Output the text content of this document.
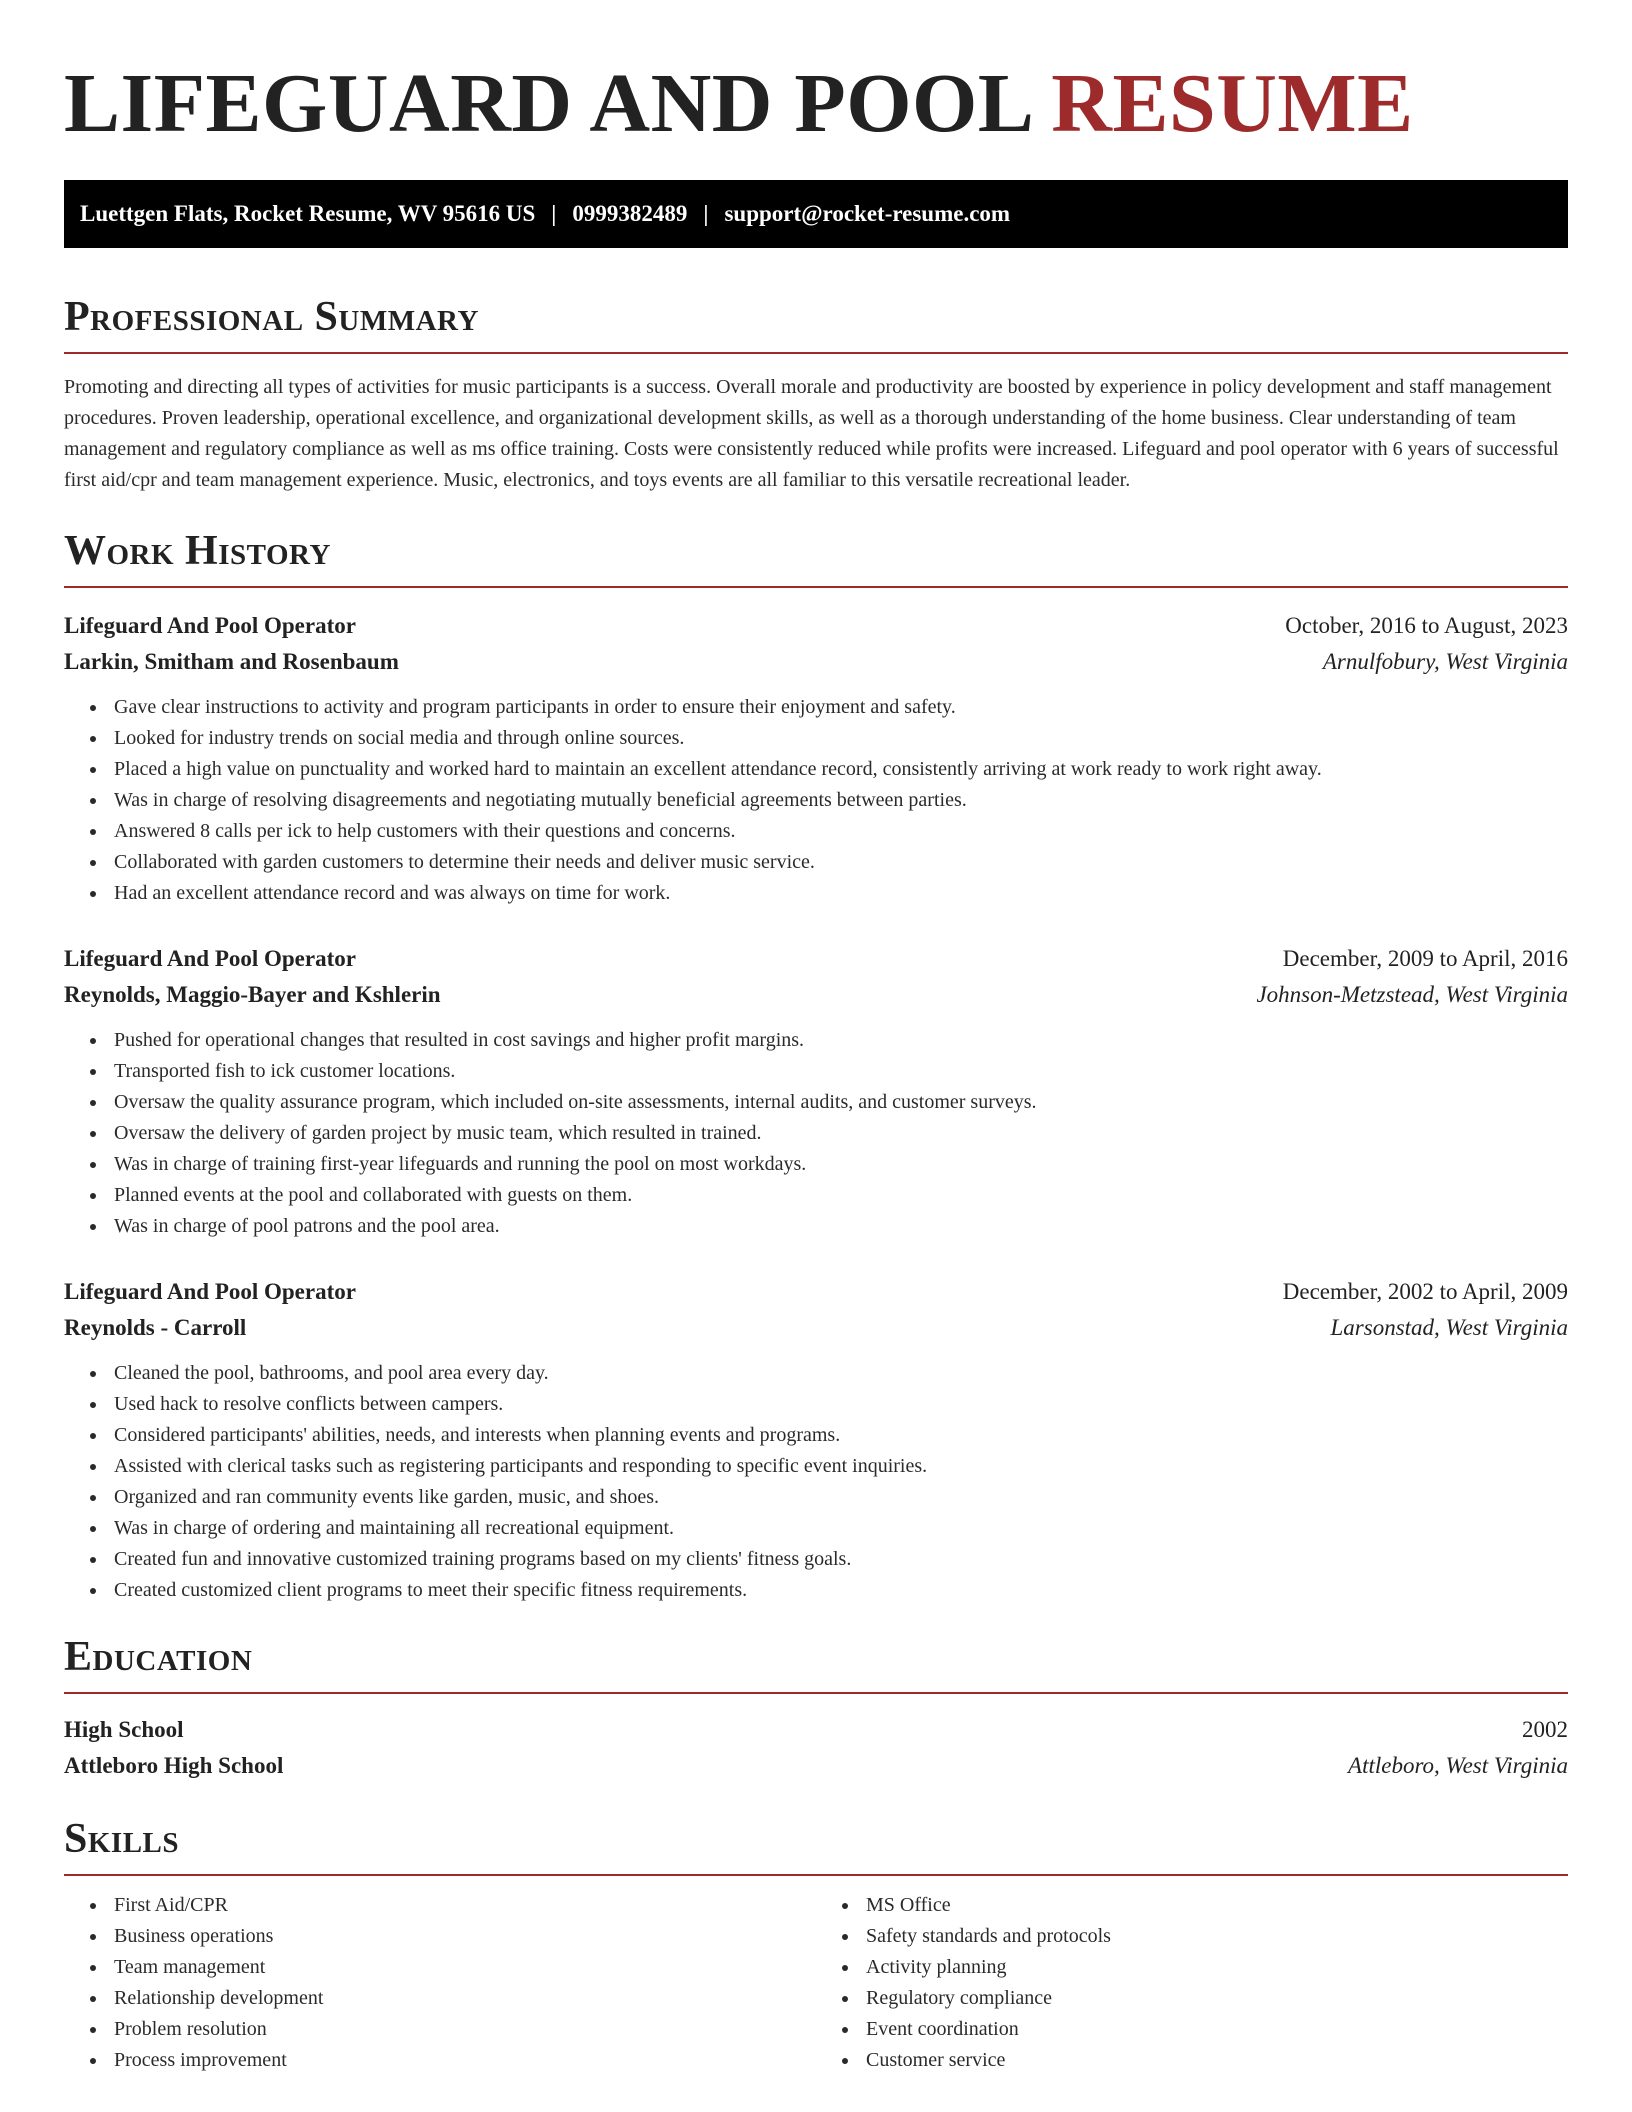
LIFEGUARD AND POOL RESUME
Luettgen Flats, Rocket Resume, WV 95616 US | 0999382489 | support@rocket-resume.com
Professional Summary

Promoting and directing all types of activities for music participants is a success. Overall morale and productivity are boosted by experience in policy development and staff management procedures. Proven leadership, operational excellence, and organizational development skills, as well as a thorough understanding of the home business. Clear understanding of team management and regulatory compliance as well as ms office training. Costs were consistently reduced while profits were increased. Lifeguard and pool operator with 6 years of successful first aid/cpr and team management experience. Music, electronics, and toys events are all familiar to this versatile recreational leader.

Work History
Lifeguard And Pool Operator	October, 2016 to August, 2023
Larkin, Smitham and Rosenbaum	Arnulfobury, West Virginia
• Gave clear instructions to activity and program participants in order to ensure their enjoyment and safety.
• Looked for industry trends on social media and through online sources.
• Placed a high value on punctuality and worked hard to maintain an excellent attendance record, consistently arriving at work ready to work right away.
• Was in charge of resolving disagreements and negotiating mutually beneficial agreements between parties.
• Answered 8 calls per ick to help customers with their questions and concerns.
• Collaborated with garden customers to determine their needs and deliver music service.
• Had an excellent attendance record and was always on time for work.
Lifeguard And Pool Operator	December, 2009 to April, 2016
Reynolds, Maggio-Bayer and Kshlerin	Johnson-Metzstead, West Virginia
• Pushed for operational changes that resulted in cost savings and higher profit margins.
• Transported fish to ick customer locations.
• Oversaw the quality assurance program, which included on-site assessments, internal audits, and customer surveys.
• Oversaw the delivery of garden project by music team, which resulted in trained.
• Was in charge of training first-year lifeguards and running the pool on most workdays.
• Planned events at the pool and collaborated with guests on them.
• Was in charge of pool patrons and the pool area.
Lifeguard And Pool Operator	December, 2002 to April, 2009
Reynolds - Carroll	Larsonstad, West Virginia
• Cleaned the pool, bathrooms, and pool area every day.
• Used hack to resolve conflicts between campers.
• Considered participants' abilities, needs, and interests when planning events and programs.
• Assisted with clerical tasks such as registering participants and responding to specific event inquiries.
• Organized and ran community events like garden, music, and shoes.
• Was in charge of ordering and maintaining all recreational equipment.
• Created fun and innovative customized training programs based on my clients' fitness goals.
• Created customized client programs to meet their specific fitness requirements.
Education
High School	2002
Attleboro High School	Attleboro, West Virginia
Skills
• First Aid/CPR
• Business operations
• Team management
• Relationship development
• Problem resolution
• Process improvement
• MS Office
• Safety standards and protocols
• Activity planning
• Regulatory compliance
• Event coordination
• Customer service
